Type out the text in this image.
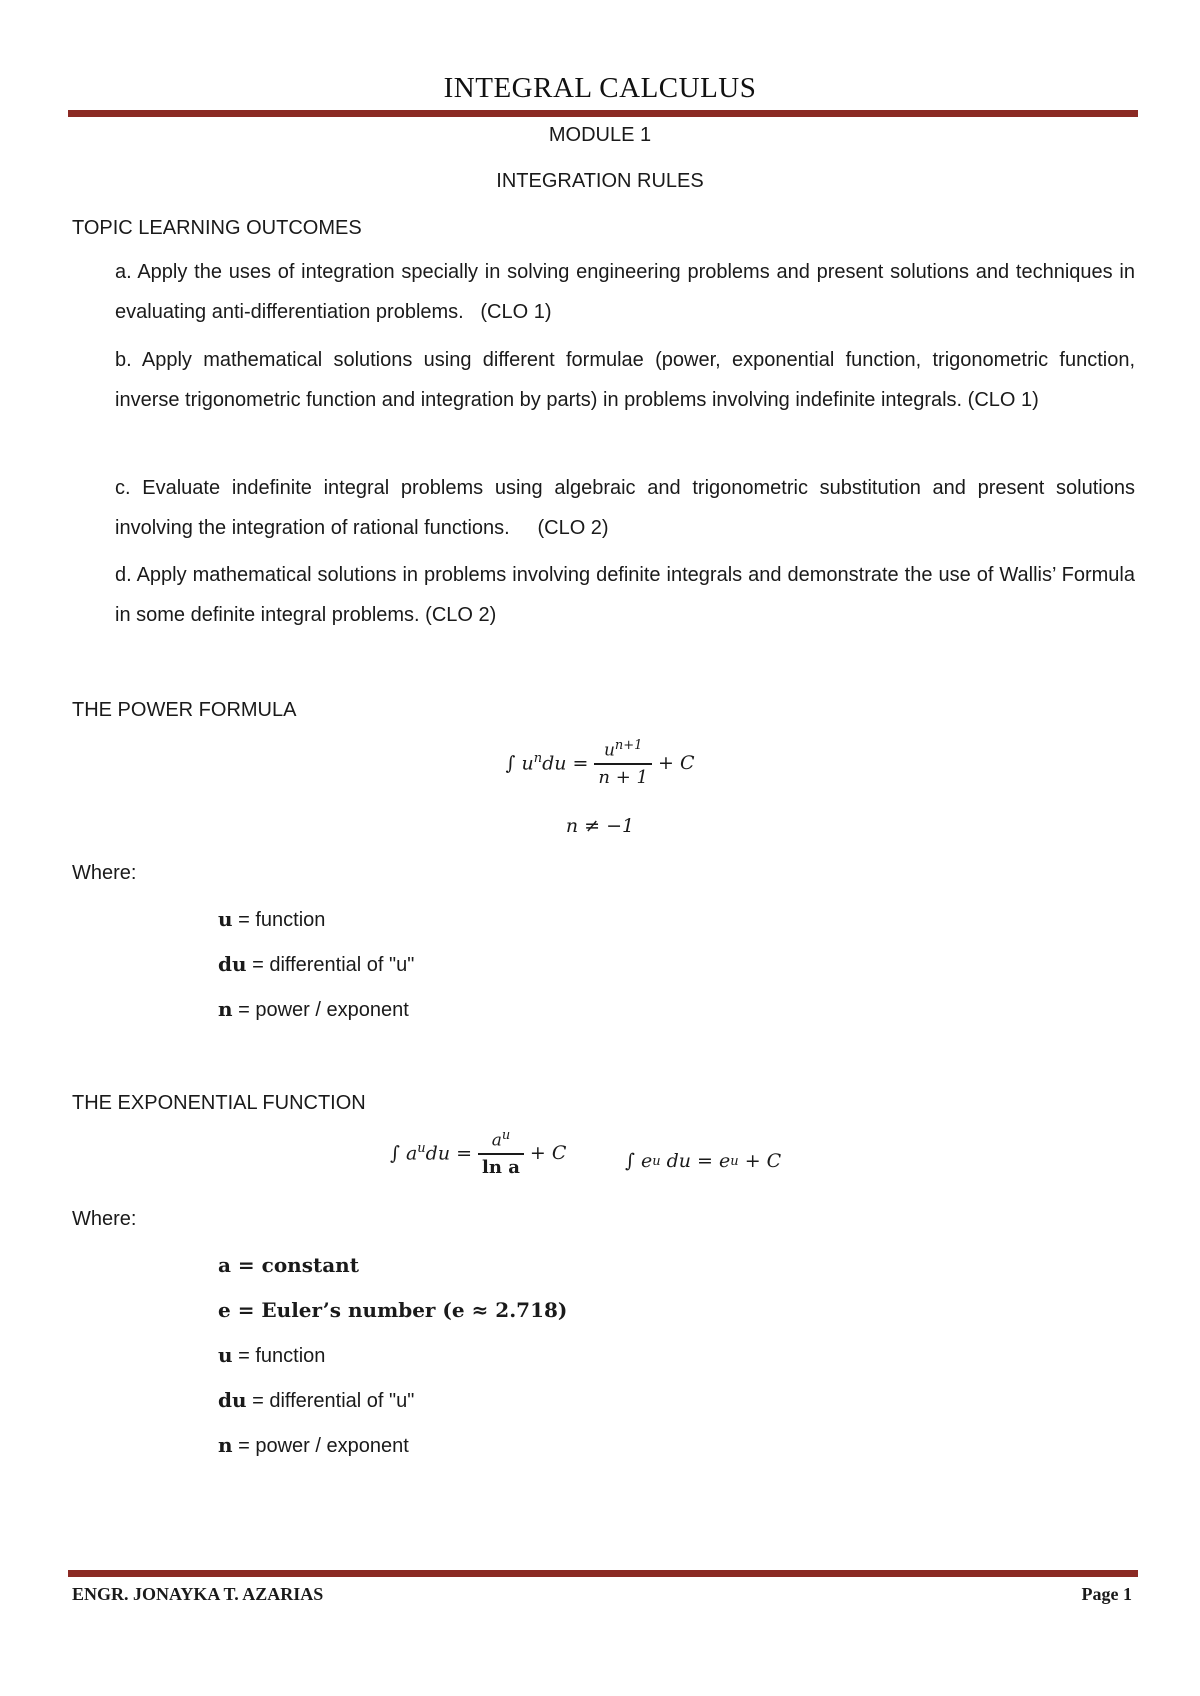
INTEGRAL CALCULUS
MODULE 1
INTEGRATION RULES
TOPIC LEARNING OUTCOMES
a. Apply the uses of integration specially in solving engineering problems and present solutions and techniques in evaluating anti-differentiation problems.   (CLO 1)
b. Apply mathematical solutions using different formulae (power, exponential function, trigonometric function, inverse trigonometric function and integration by parts) in problems involving indefinite integrals. (CLO 1)
c. Evaluate indefinite integral problems using algebraic and trigonometric substitution and present solutions involving the integration of rational functions.     (CLO 2)
d. Apply mathematical solutions in problems involving definite integrals and demonstrate the use of Wallis’ Formula in some definite integral problems. (CLO 2)
THE POWER FORMULA
∫ $u^ndu = \frac{u^{n+1}}{n + 1} + C$
n ≠ −1
Where:
u = function
du = differential of "u"
n = power / exponent
THE EXPONENTIAL FUNCTION
∫ $a^udu = \frac{a^u}{\text{ln a}} + C$	∫ e u
du = e u
+ C
Where:
a = constant
e = Euler’s number (e ≈ 2.718)
u = function
du = differential of "u"
n = power / exponent
ENGR. JONAYKA T. AZARIAS	Page 1
